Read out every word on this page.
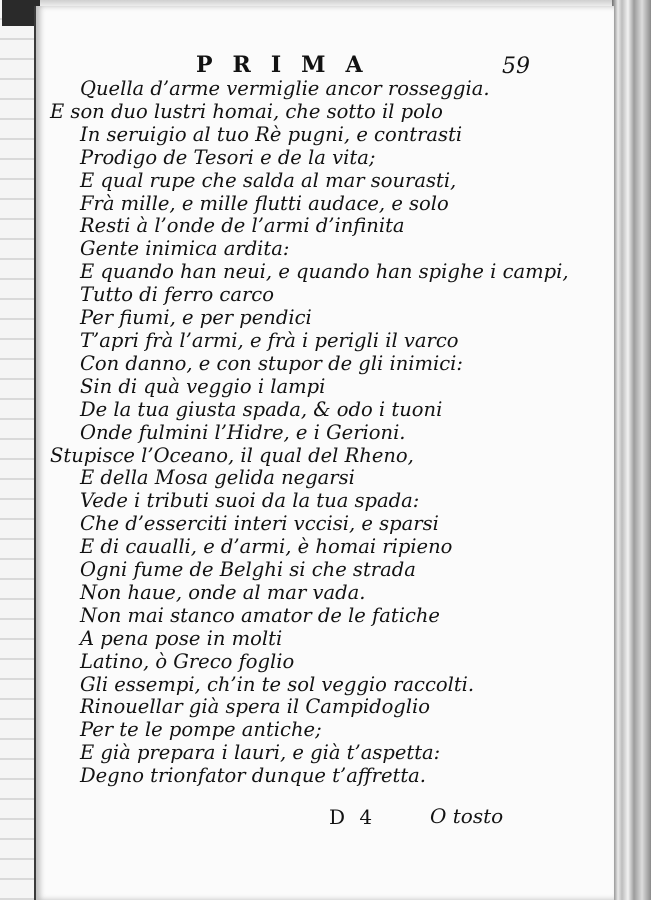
PRIMA	59
Quella d’arme vermiglie ancor rosseggia.
E son duo lustri homai, che sotto il polo
In seruigio al tuo Rè pugni, e contrasti
Prodigo de Tesori e de la vita;
E qual rupe che salda al mar sourasti,
Frà mille, e mille flutti audace, e solo
Resti à l’onde de l’armi d’infinita
Gente inimica ardita:
E quando han neui, e quando han spighe i campi,
Tutto di ferro carco
Per fiumi, e per pendici
T’apri frà l’armi, e frà i perigli il varco
Con danno, e con stupor de gli inimici:
Sin di quà veggio i lampi
De la tua giusta spada, & odo i tuoni
Onde fulmini l’Hidre, e i Gerioni.
Stupisce l’Oceano, il qual del Rheno,
E della Mosa gelida negarsi
Vede i tributi suoi da la tua spada:
Che d’esserciti interi vccisi, e sparsi
E di caualli, e d’armi, è homai ripieno
Ogni fume de Belghi si che strada
Non haue, onde al mar vada.
Non mai stanco amator de le fatiche
A pena pose in molti
Latino, ò Greco foglio
Gli essempi, ch’in te sol veggio raccolti.
Rinouellar già spera il Campidoglio
Per te le pompe antiche;
E già prepara i lauri, e già t’aspetta:
Degno trionfator dunque t’affretta.
D 4	O tosto
